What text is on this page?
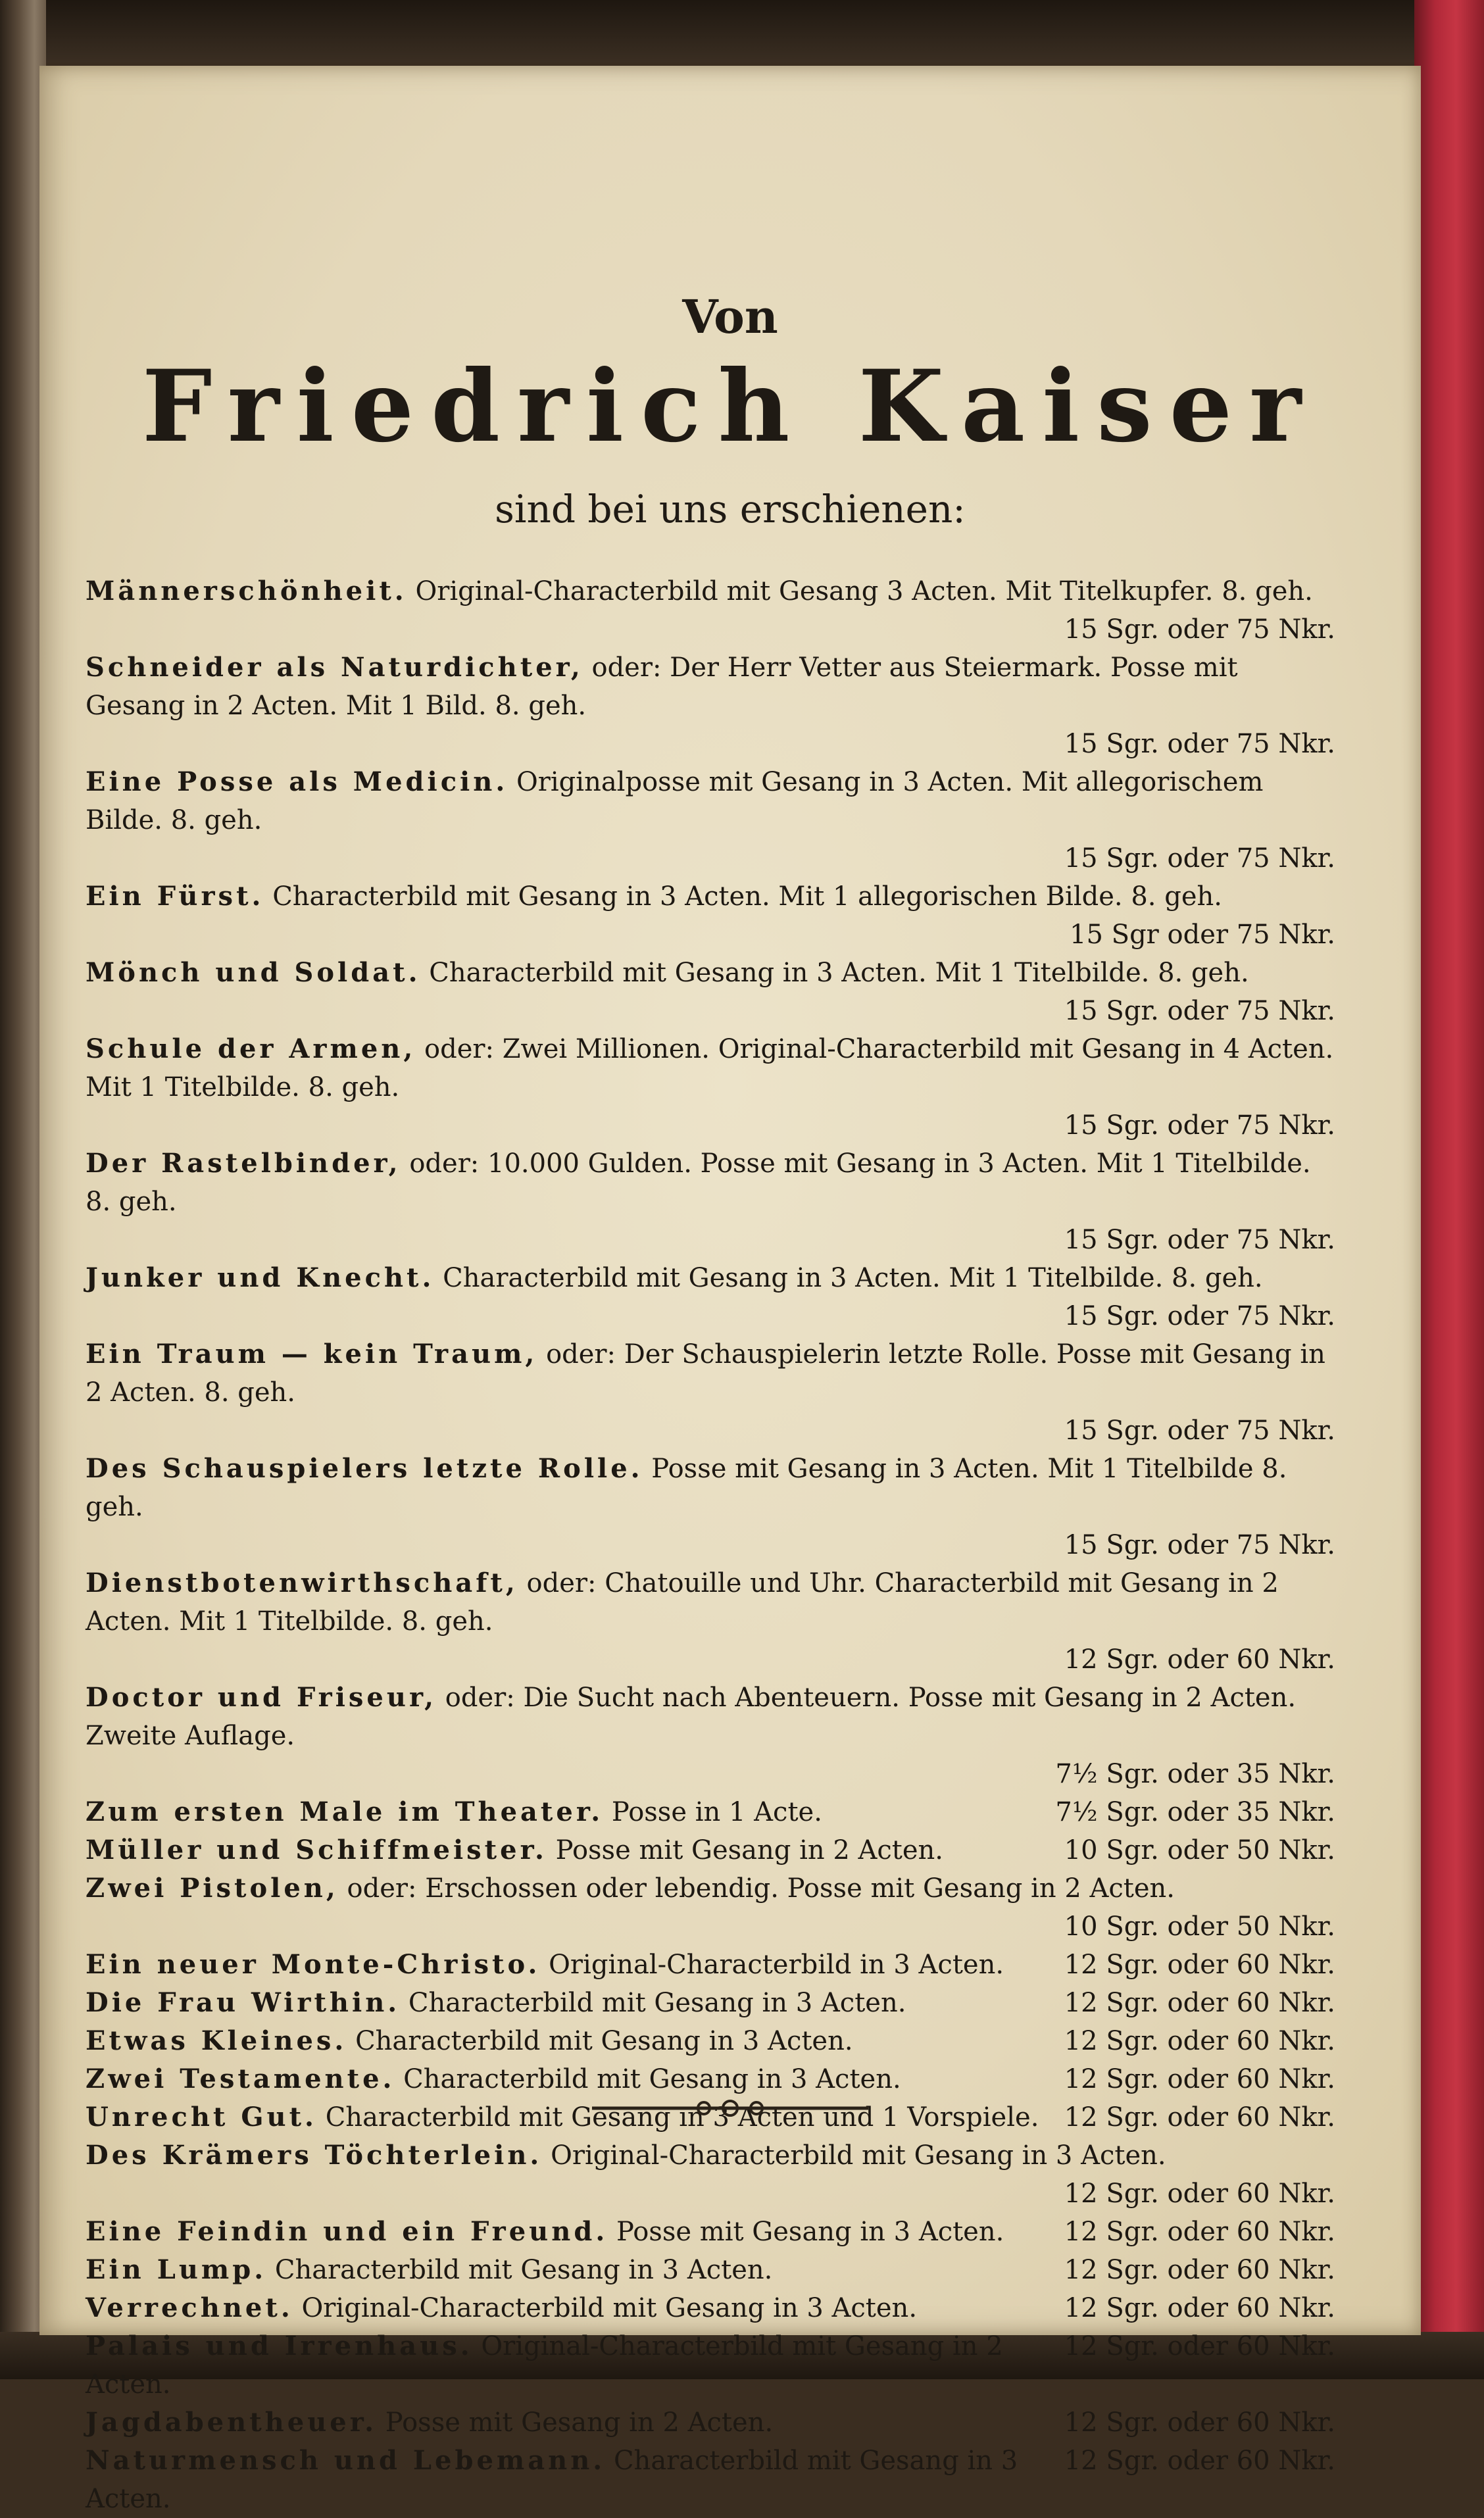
Von
Friedrich Kaiser
sind bei uns erschienen:
Männerschönheit. Original-Characterbild mit Gesang 3 Acten. Mit Titelkupfer. 8. geh.
15 Sgr. oder 75 Nkr.
Schneider als Naturdichter, oder: Der Herr Vetter aus Steiermark. Posse mit Gesang in 2 Acten. Mit 1 Bild. 8. geh.
15 Sgr. oder 75 Nkr.
Eine Posse als Medicin. Originalposse mit Gesang in 3 Acten. Mit allegorischem Bilde. 8. geh.
15 Sgr. oder 75 Nkr.
Ein Fürst. Characterbild mit Gesang in 3 Acten. Mit 1 allegorischen Bilde. 8. geh.
15 Sgr oder 75 Nkr.
Mönch und Soldat. Characterbild mit Gesang in 3 Acten. Mit 1 Titelbilde. 8. geh.
15 Sgr. oder 75 Nkr.
Schule der Armen, oder: Zwei Millionen. Original-Characterbild mit Gesang in 4 Acten. Mit 1 Titelbilde. 8. geh.
15 Sgr. oder 75 Nkr.
Der Rastelbinder, oder: 10.000 Gulden. Posse mit Gesang in 3 Acten. Mit 1 Titelbilde. 8. geh.
15 Sgr. oder 75 Nkr.
Junker und Knecht. Characterbild mit Gesang in 3 Acten. Mit 1 Titelbilde. 8. geh.
15 Sgr. oder 75 Nkr.
Ein Traum — kein Traum, oder: Der Schauspielerin letzte Rolle. Posse mit Gesang in 2 Acten. 8. geh.
15 Sgr. oder 75 Nkr.
Des Schauspielers letzte Rolle. Posse mit Gesang in 3 Acten. Mit 1 Titelbilde 8. geh.
15 Sgr. oder 75 Nkr.
Dienstbotenwirthschaft, oder: Chatouille und Uhr. Characterbild mit Gesang in 2 Acten. Mit 1 Titelbilde. 8. geh.
12 Sgr. oder 60 Nkr.
Doctor und Friseur, oder: Die Sucht nach Abenteuern. Posse mit Gesang in 2 Acten. Zweite Auflage.
7½ Sgr. oder 35 Nkr.
7½ Sgr. oder 35 Nkr.
Zum ersten Male im Theater. Posse in 1 Acte.
10 Sgr. oder 50 Nkr.
Müller und Schiffmeister. Posse mit Gesang in 2 Acten.
Zwei Pistolen, oder: Erschossen oder lebendig. Posse mit Gesang in 2 Acten.
10 Sgr. oder 50 Nkr.
12 Sgr. oder 60 Nkr.
Ein neuer Monte-Christo. Original-Characterbild in 3 Acten.
12 Sgr. oder 60 Nkr.
Die Frau Wirthin. Characterbild mit Gesang in 3 Acten.
12 Sgr. oder 60 Nkr.
Etwas Kleines. Characterbild mit Gesang in 3 Acten.
12 Sgr. oder 60 Nkr.
Zwei Testamente. Characterbild mit Gesang in 3 Acten.
12 Sgr. oder 60 Nkr.
Unrecht Gut. Characterbild mit Gesang in 3 Acten und 1 Vorspiele.
Des Krämers Töchterlein. Original-Characterbild mit Gesang in 3 Acten.
12 Sgr. oder 60 Nkr.
12 Sgr. oder 60 Nkr.
Eine Feindin und ein Freund. Posse mit Gesang in 3 Acten.
12 Sgr. oder 60 Nkr.
Ein Lump. Characterbild mit Gesang in 3 Acten.
12 Sgr. oder 60 Nkr.
Verrechnet. Original-Characterbild mit Gesang in 3 Acten.
12 Sgr. oder 60 Nkr.
Palais und Irrenhaus. Original-Characterbild mit Gesang in 2 Acten.
12 Sgr. oder 60 Nkr.
Jagdabentheuer. Posse mit Gesang in 2 Acten.
12 Sgr. oder 60 Nkr.
Naturmensch und Lebemann. Characterbild mit Gesang in 3 Acten.
